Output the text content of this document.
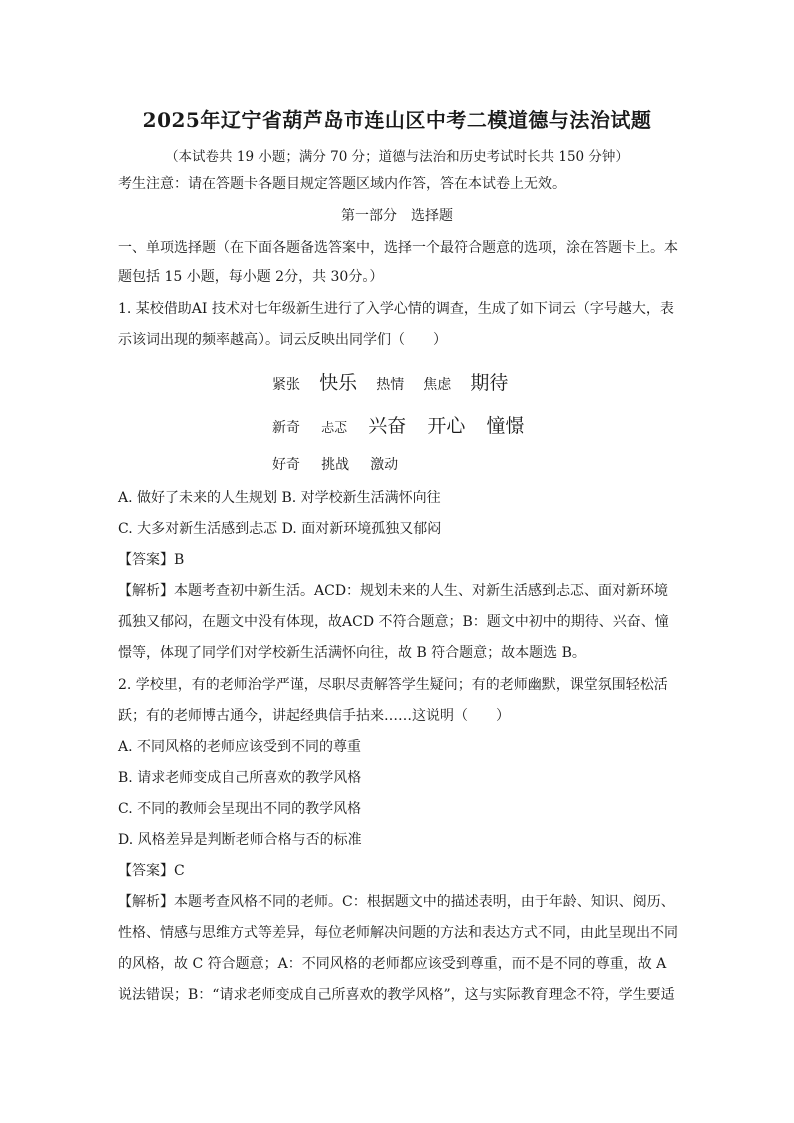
2025年辽宁省葫芦岛市连山区中考二模道德与法治试题
（本试卷共 19 小题；满分 70 分；道德与法治和历史考试时长共 150 分钟）
考生注意：请在答题卡各题目规定答题区域内作答，答在本试卷上无效。
第一部分　选择题
一、单项选择题（在下面各题备选答案中，选择一个最符合题意的选项，涂在答题卡上。本
题包括 15 小题，每小题 2分，共 30分。）
1. 某校借助AI 技术对七年级新生进行了入学心情的调查，生成了如下词云（字号越大，表
示该词出现的频率越高）。词云反映出同学们（　　）
紧张 快乐 热情 焦虑 期待
新奇 忐忑 兴奋 开心 憧憬
好奇 挑战 激动
A. 做好了未来的人生规划 B. 对学校新生活满怀向往
C. 大多对新生活感到忐忑 D. 面对新环境孤独又郁闷
【答案】B
【解析】本题考查初中新生活。ACD：规划未来的人生、对新生活感到忐忑、面对新环境
孤独又郁闷，在题文中没有体现，故ACD 不符合题意；B：题文中初中的期待、兴奋、憧
憬等，体现了同学们对学校新生活满怀向往，故 B 符合题意；故本题选 B。
2. 学校里，有的老师治学严谨，尽职尽责解答学生疑问；有的老师幽默，课堂氛围轻松活
跃；有的老师博古通今，讲起经典信手拈来……这说明（　　）
A. 不同风格的老师应该受到不同的尊重
B. 请求老师变成自己所喜欢的教学风格
C. 不同的教师会呈现出不同的教学风格
D. 风格差异是判断老师合格与否的标准
【答案】C
【解析】本题考查风格不同的老师。C：根据题文中的描述表明，由于年龄、知识、阅历、
性格、情感与思维方式等差异，每位老师解决问题的方法和表达方式不同，由此呈现出不同
的风格，故 C 符合题意；A：不同风格的老师都应该受到尊重，而不是不同的尊重，故 A
说法错误；B：“请求老师变成自己所喜欢的教学风格”，这与实际教育理念不符，学生要适
